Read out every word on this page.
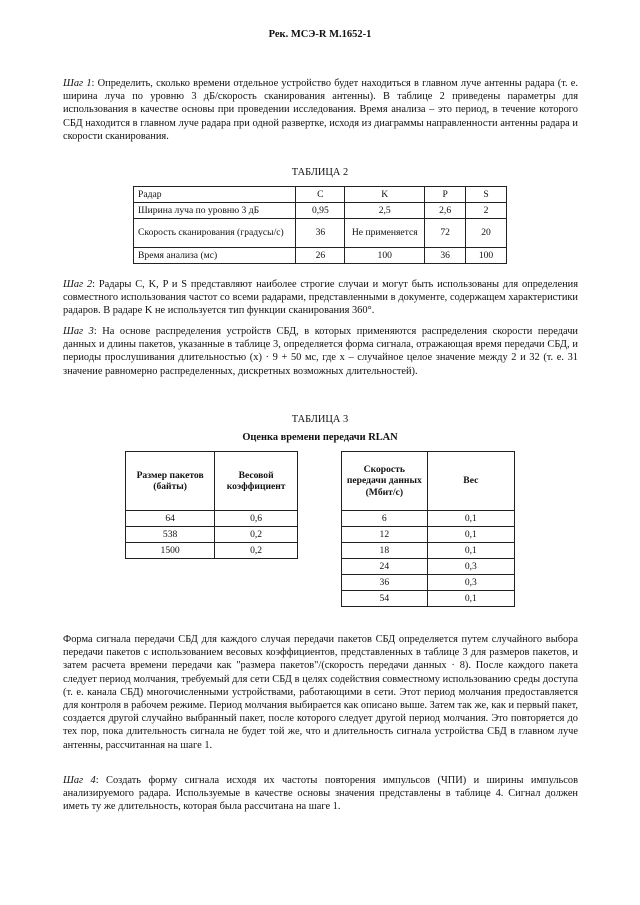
Рек. МСЭ-R M.1652-1

Шаг 1: Определить, сколько времени отдельное устройство будет находиться в главном луче антенны радара (т. е. ширина луча по уровню 3 дБ/скорость сканирования антенны). В таблице 2 приведены параметры для использования в качестве основы при проведении исследования. Время анализа – это период, в течение которого СБД находится в главном луче радара при одной развертке, исходя из диаграммы направленности антенны радара и скорости сканирования.

ТАБЛИЦА 2
Радар	C	K	P	S
Ширина луча по уровню 3 дБ	0,95	2,5	2,6	2
Скорость сканирования (градусы/с)	36	Не применяется	72	20
Время анализа (мс)	26	100	36	100

Шаг 2: Радары C, K, P и S представляют наиболее строгие случаи и могут быть использованы для определения совместного использования частот со всеми радарами, представленными в документе, содержащем характеристики радаров. В радаре K не используется тип функции сканирования 360°.

Шаг 3: На основе распределения устройств СБД, в которых применяются распределения скорости передачи данных и длины пакетов, указанные в таблице 3, определяется форма сигнала, отражающая время передачи СБД, и периоды прослушивания длительностью (x) · 9 + 50 мс, где x – случайное целое значение между 2 и 32 (т. е. 31 значение равномерно распределенных, дискретных возможных длительностей).

ТАБЛИЦА 3
Оценка времени передачи RLAN
Размер пакетов (байты)	Весовой коэффициент
64	0,6
538	0,2
1500	0,2
Скорость передачи данных (Мбит/с)	Вес
6	0,1
12	0,1
18	0,1
24	0,3
36	0,3
54	0,1

Форма сигнала передачи СБД для каждого случая передачи пакетов СБД определяется путем случайного выбора передачи пакетов с использованием весовых коэффициентов, представленных в таблице 3 для размеров пакетов, и затем расчета времени передачи как "размера пакетов"/(скорость передачи данных · 8). После каждого пакета следует период молчания, требуемый для сети СБД в целях содействия совместному использованию среды доступа (т. е. канала СБД) многочисленными устройствами, работающими в сети. Этот период молчания предоставляется для контроля в рабочем режиме. Период молчания выбирается как описано выше. Затем так же, как и первый пакет, создается другой случайно выбранный пакет, после которого следует другой период молчания. Это повторяется до тех пор, пока длительность сигнала не будет той же, что и длительность сигнала устройства СБД в главном луче антенны, рассчитанная на шаге 1.

Шаг 4: Создать форму сигнала исходя их частоты повторения импульсов (ЧПИ) и ширины импульсов анализируемого радара. Используемые в качестве основы значения представлены в таблице 4. Сигнал должен иметь ту же длительность, которая была рассчитана на шаге 1.
